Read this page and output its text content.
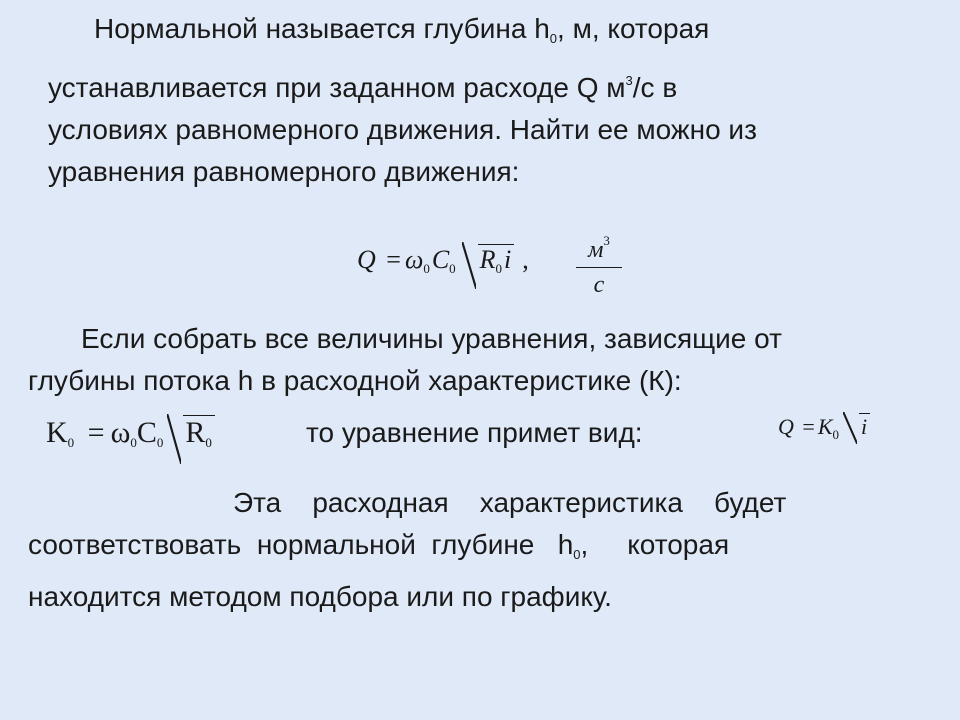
Нормальной называется глубина $h_0$, м, которая
устанавливается при заданном расходе Q $м^3/с$ в
условиях равномерного движения. Найти ее можно из
уравнения равномерного движения:
$Q = \omega_0C_0$ $R_0i$ ,	$м^3$
с
Если собрать все величины уравнения, зависящие от
глубины потока h в расходной характеристике (К):
$K_0 = \omega_0C_0$ $R_0$	то уравнение примет вид:	$Q = K_0$ i
Эта    расходная    характеристика    будет
соответствовать  нормальной  глубине   $h_0$,     которая
находится методом подбора или по графику.
